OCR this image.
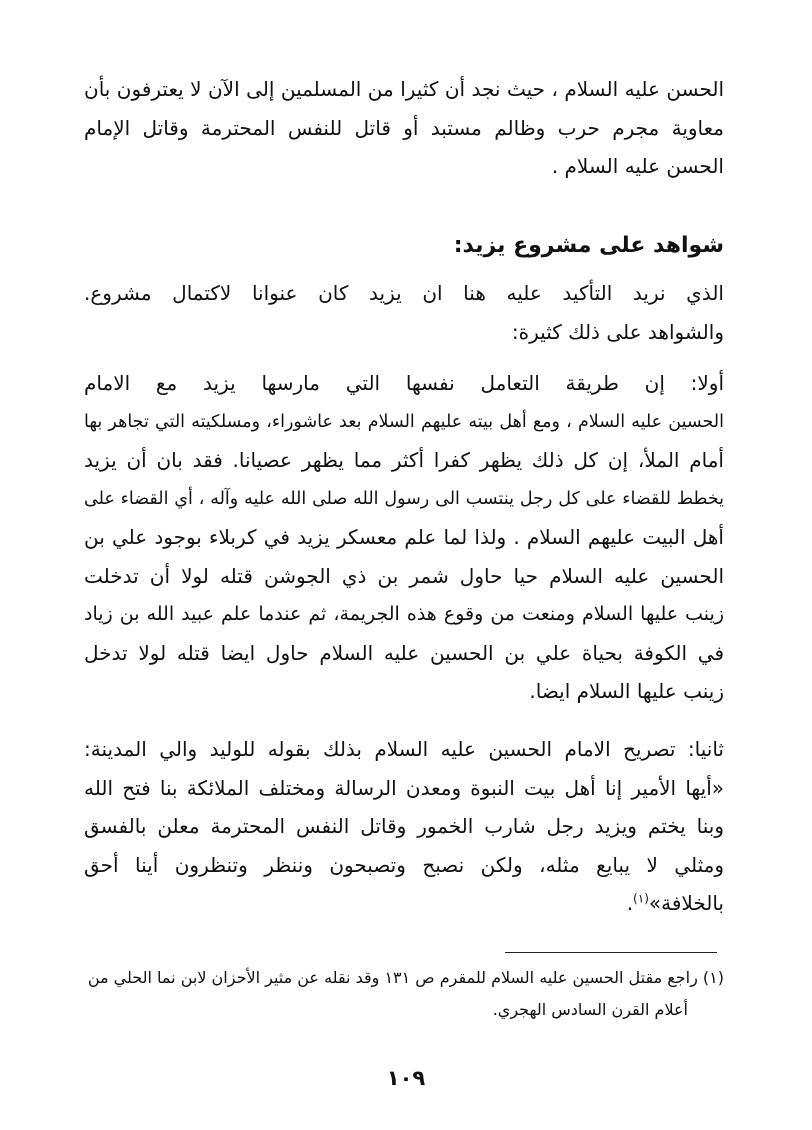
الحسن عليه السلام ، حيث نجد أن كثيرا من المسلمين إلى الآن لا يعترفون بأن
معاوية مجرم حرب وظالم مستبد أو قاتل للنفس المحترمة وقاتل الإمام
الحسن عليه السلام .
شواهد على مشروع يزيد:
الذي نريد التأكيد عليه هنا ان يزيد كان عنوانا لاكتمال مشروع.
والشواهد على ذلك كثيرة:
أولا: إن طريقة التعامل نفسها التي مارسها يزيد مع الامام
الحسين عليه السلام ، ومع أهل بيته عليهم السلام بعد عاشوراء، ومسلكيته التي تجاهر بها
أمام الملأ، إن كل ذلك يظهر كفرا أكثر مما يظهر عصيانا. فقد بان أن يزيد
يخطط للقضاء على كل رجل ينتسب الى رسول الله صلى الله عليه وآله ، أي القضاء على
أهل البيت عليهم السلام . ولذا لما علم معسكر يزيد في كربلاء بوجود علي بن
الحسين عليه السلام حيا حاول شمر بن ذي الجوشن قتله لولا أن تدخلت
زينب عليها السلام ومنعت من وقوع هذه الجريمة، ثم عندما علم عبيد الله بن زياد
في الكوفة بحياة علي بن الحسين عليه السلام حاول ايضا قتله لولا تدخل
زينب عليها السلام ايضا.
ثانيا: تصريح الامام الحسين عليه السلام بذلك بقوله للوليد والي المدينة:
«أيها الأمير إنا أهل بيت النبوة ومعدن الرسالة ومختلف الملائكة بنا فتح الله
وبنا يختم ويزيد رجل شارب الخمور وقاتل النفس المحترمة معلن بالفسق
ومثلي لا يبايع مثله، ولكن نصبح وتصبحون وننظر وتنظرون أينا أحق
بالخلافة»$^{(١)}$.
(١) راجع مقتل الحسين عليه السلام للمقرم ص ١٣١ وقد نقله عن مثير الأحزان لابن نما الحلي من
أعلام القرن السادس الهجري.
١٠٩
